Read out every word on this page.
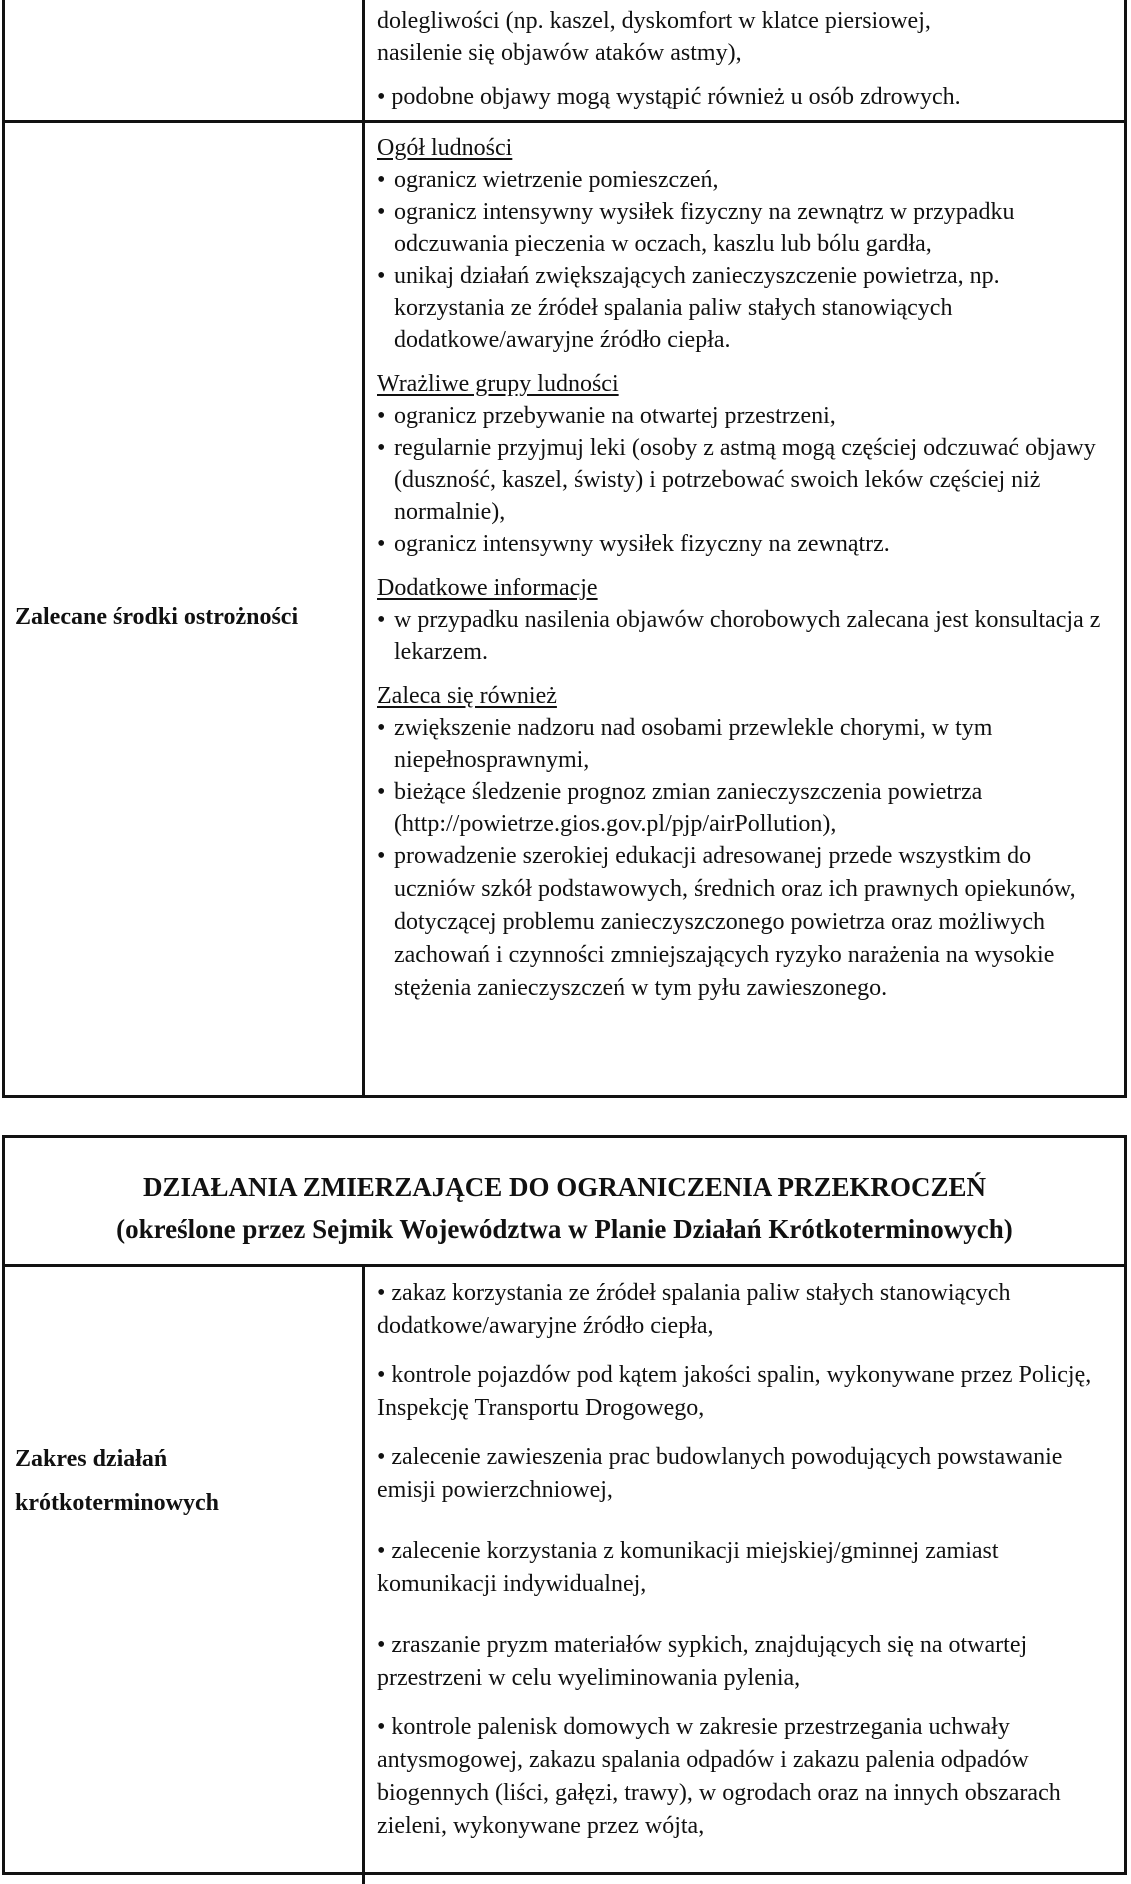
dolegliwości (np. kaszel, dyskomfort w klatce piersiowej,

nasilenie się objawów ataków astmy),

• podobne objawy mogą wystąpić również u osób zdrowych.

Zalecane środki ostrożności

Ogół ludności

• ogranicz wietrzenie pomieszczeń,

• ogranicz intensywny wysiłek fizyczny na zewnątrz w przypadku odczuwania pieczenia w oczach, kaszlu lub bólu gardła,

• unikaj działań zwiększających zanieczyszczenie powietrza, np. korzystania ze źródeł spalania paliw stałych stanowiących dodatkowe/awaryjne źródło ciepła.

Wrażliwe grupy ludności

• ogranicz przebywanie na otwartej przestrzeni,

• regularnie przyjmuj leki (osoby z astmą mogą częściej odczuwać objawy (duszność, kaszel, świsty) i potrzebować swoich leków częściej niż normalnie),

• ogranicz intensywny wysiłek fizyczny na zewnątrz.

Dodatkowe informacje

• w przypadku nasilenia objawów chorobowych zalecana jest konsultacja z lekarzem.

Zaleca się również

• zwiększenie nadzoru nad osobami przewlekle chorymi, w tym niepełnosprawnymi,

• bieżące śledzenie prognoz zmian zanieczyszczenia powietrza (http://powietrze.gios.gov.pl/pjp/airPollution),

• prowadzenie szerokiej edukacji adresowanej przede wszystkim do uczniów szkół podstawowych, średnich oraz ich prawnych opiekunów, dotyczącej problemu zanieczyszczonego powietrza oraz możliwych zachowań i czynności zmniejszających ryzyko narażenia na wysokie stężenia zanieczyszczeń w tym pyłu zawieszonego.

DZIAŁANIA ZMIERZAJĄCE DO OGRANICZENIA PRZEKROCZEŃ
(określone przez Sejmik Województwa w Planie Działań Krótkoterminowych)
Zakres działań
krótkoterminowych

• zakaz korzystania ze źródeł spalania paliw stałych stanowiących dodatkowe/awaryjne źródło ciepła,

• kontrole pojazdów pod kątem jakości spalin, wykonywane przez Policję, Inspekcję Transportu Drogowego,

• zalecenie zawieszenia prac budowlanych powodujących powstawanie emisji powierzchniowej,

• zalecenie korzystania z komunikacji miejskiej/gminnej zamiast komunikacji indywidualnej,

• zraszanie pryzm materiałów sypkich, znajdujących się na otwartej przestrzeni w celu wyeliminowania pylenia,

• kontrole palenisk domowych w zakresie przestrzegania uchwały antysmogowej, zakazu spalania odpadów i zakazu palenia odpadów biogennych (liści, gałęzi, trawy), w ogrodach oraz na innych obszarach zieleni, wykonywane przez wójta,
